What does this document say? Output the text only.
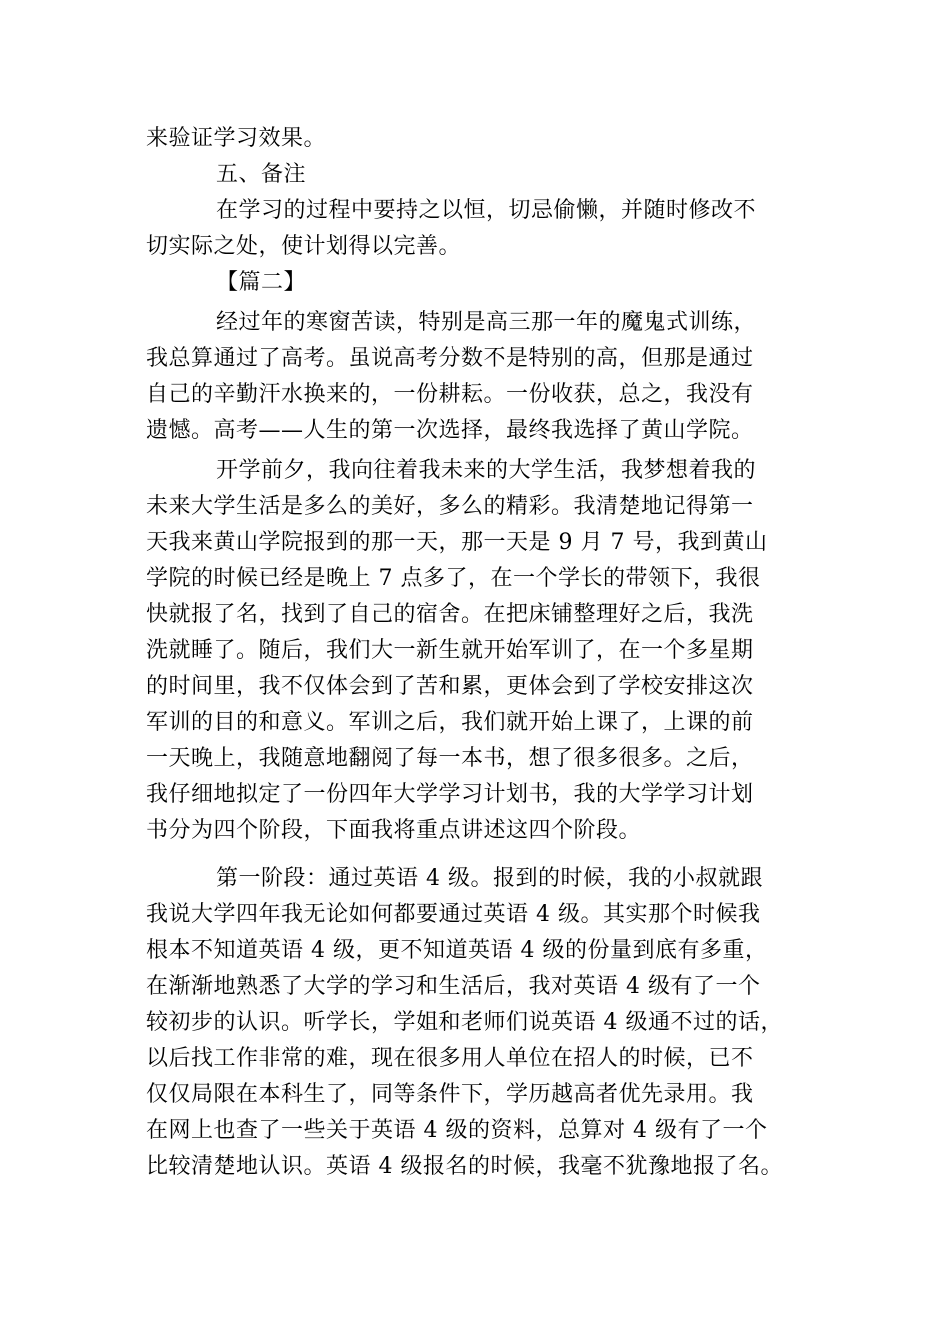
来验证学习效果。
五、备注
在学习的过程中要持之以恒，切忌偷懒，并随时修改不
切实际之处，使计划得以完善。
【篇二】
经过年的寒窗苦读，特别是高三那一年的魔鬼式训练，
我总算通过了高考。虽说高考分数不是特别的高，但那是通过
自己的辛勤汗水换来的，一份耕耘。一份收获，总之，我没有
遗憾。高考——人生的第一次选择，最终我选择了黄山学院。
开学前夕，我向往着我未来的大学生活，我梦想着我的
未来大学生活是多么的美好，多么的精彩。我清楚地记得第一
天我来黄山学院报到的那一天，那一天是 9 月 7 号，我到黄山
学院的时候已经是晚上 7 点多了，在一个学长的带领下，我很
快就报了名，找到了自己的宿舍。在把床铺整理好之后，我洗
洗就睡了。随后，我们大一新生就开始军训了，在一个多星期
的时间里，我不仅体会到了苦和累，更体会到了学校安排这次
军训的目的和意义。军训之后，我们就开始上课了，上课的前
一天晚上，我随意地翻阅了每一本书，想了很多很多。之后，
我仔细地拟定了一份四年大学学习计划书，我的大学学习计划
书分为四个阶段，下面我将重点讲述这四个阶段。
第一阶段：通过英语 4 级。报到的时候，我的小叔就跟
我说大学四年我无论如何都要通过英语 4 级。其实那个时候我
根本不知道英语 4 级，更不知道英语 4 级的份量到底有多重，
在渐渐地熟悉了大学的学习和生活后，我对英语 4 级有了一个
较初步的认识。听学长，学姐和老师们说英语 4 级通不过的话，
以后找工作非常的难，现在很多用人单位在招人的时候，已不
仅仅局限在本科生了，同等条件下，学历越高者优先录用。我
在网上也查了一些关于英语 4 级的资料，总算对 4 级有了一个
比较清楚地认识。英语 4 级报名的时候，我毫不犹豫地报了名。
